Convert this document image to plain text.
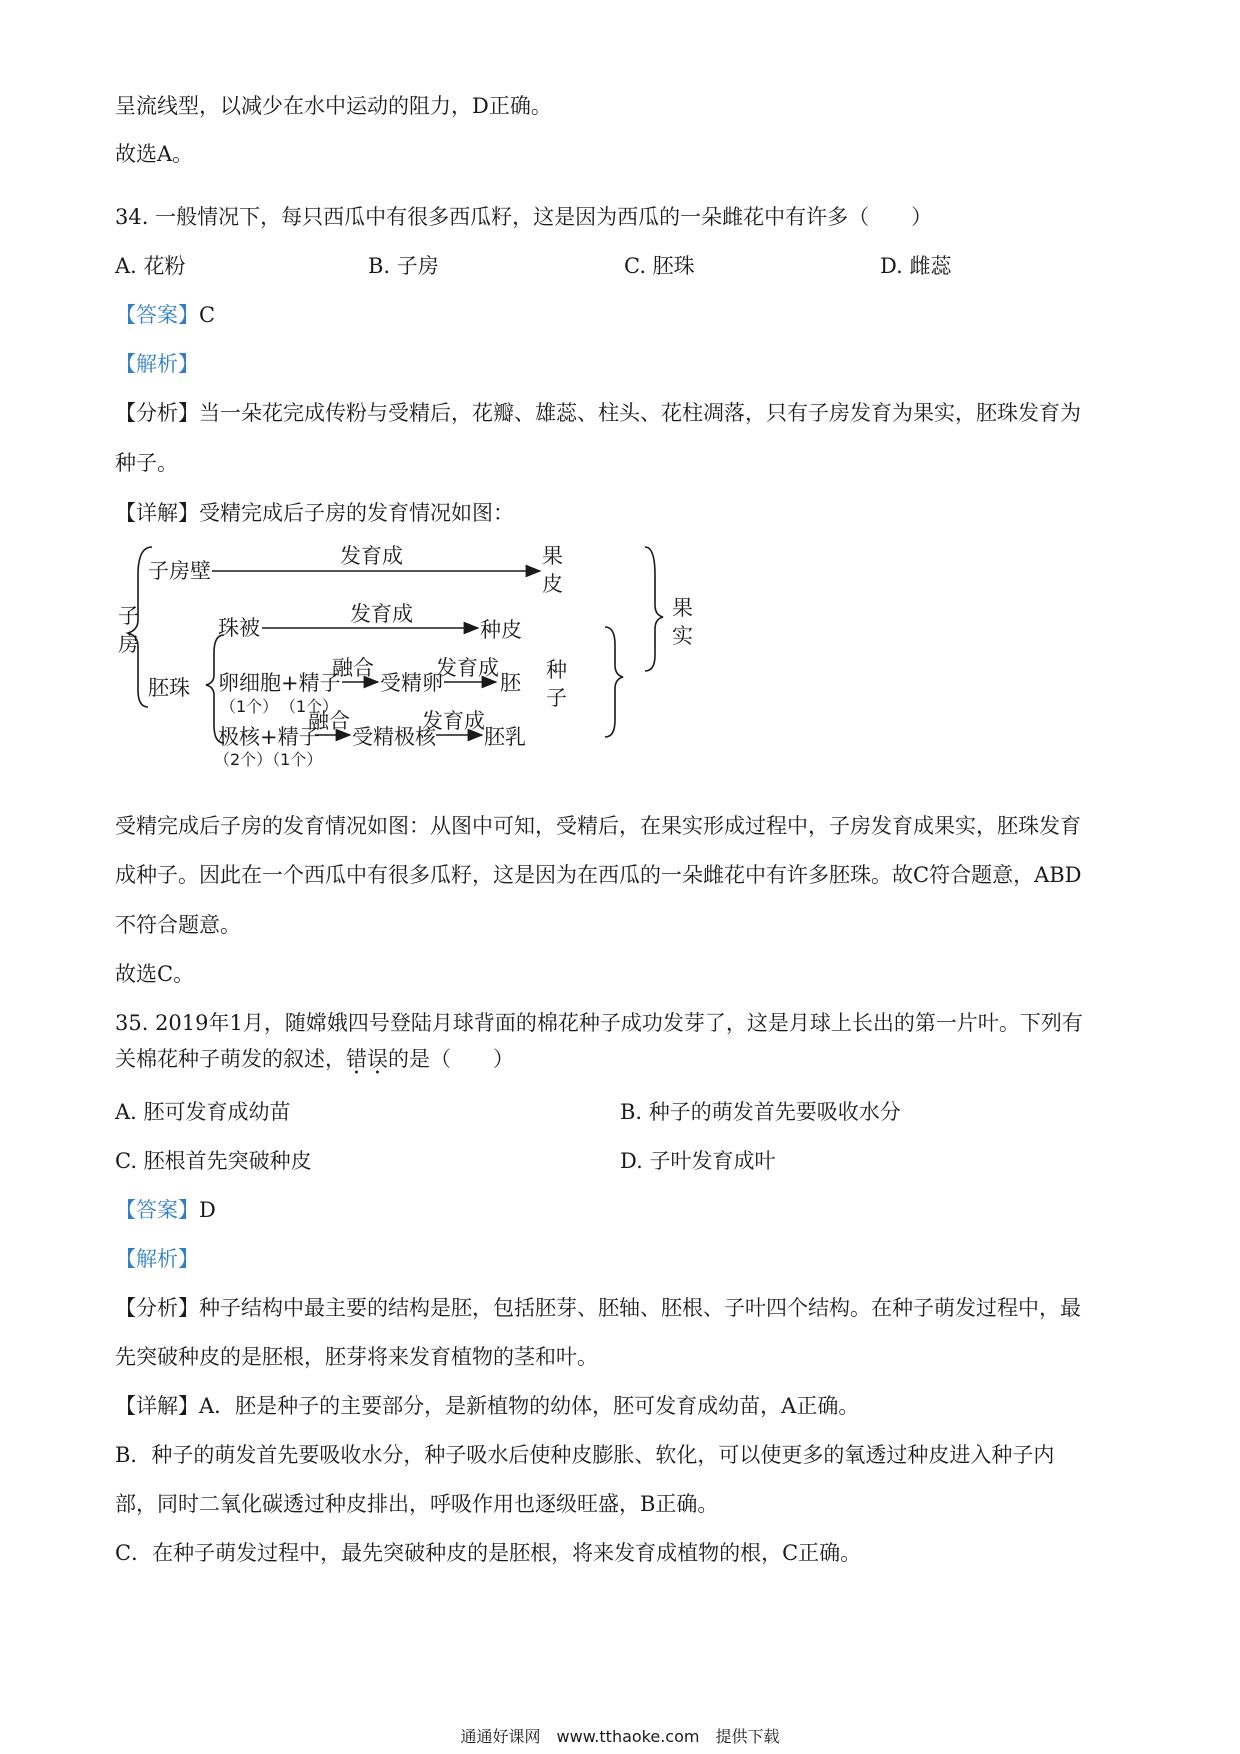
呈流线型，以减少在水中运动的阻力，D正确。
故选A。
34. 一般情况下，每只西瓜中有很多西瓜籽，这是因为西瓜的一朵雌花中有许多（　　）
A. 花粉	B. 子房	C. 胚珠	D. 雌蕊
【答案】C
【解析】
【分析】当一朵花完成传粉与受精后，花瓣、雄蕊、柱头、花柱凋落，只有子房发育为果实，胚珠发育为
种子。
【详解】受精完成后子房的发育情况如图：
子
房
子房壁
发育成	果
皮
果
实
珠被
发育成
种皮
胚珠 卵细胞+精子
融合
受精卵
发育成
胚
种
子
极核+精子
融合
受精极核
发育成
胚乳
（1个） （1个）
（2个）（1个）
受精完成后子房的发育情况如图：从图中可知，受精后，在果实形成过程中，子房发育成果实，胚珠发育
成种子。因此在一个西瓜中有很多瓜籽，这是因为在西瓜的一朵雌花中有许多胚珠。故C符合题意，ABD
不符合题意。
故选C。
35. 2019年1月，随嫦娥四号登陆月球背面的棉花种子成功发芽了，这是月球上长出的第一片叶。下列有
关棉花种子萌发的叙述，错误的是（　　）
A. 胚可发育成幼苗	B. 种子的萌发首先要吸收水分
C. 胚根首先突破种皮	D. 子叶发育成叶
【答案】D
【解析】
【分析】种子结构中最主要的结构是胚，包括胚芽、胚轴、胚根、子叶四个结构。在种子萌发过程中，最
先突破种皮的是胚根，胚芽将来发育植物的茎和叶。
【详解】A．胚是种子的主要部分，是新植物的幼体，胚可发育成幼苗，A正确。
B．种子的萌发首先要吸收水分，种子吸水后使种皮膨胀、软化，可以使更多的氧透过种皮进入种子内
部，同时二氧化碳透过种皮排出，呼吸作用也逐级旺盛，B正确。
C．在种子萌发过程中，最先突破种皮的是胚根，将来发育成植物的根，C正确。
通通好课网　www.tthaoke.com　提供下载
